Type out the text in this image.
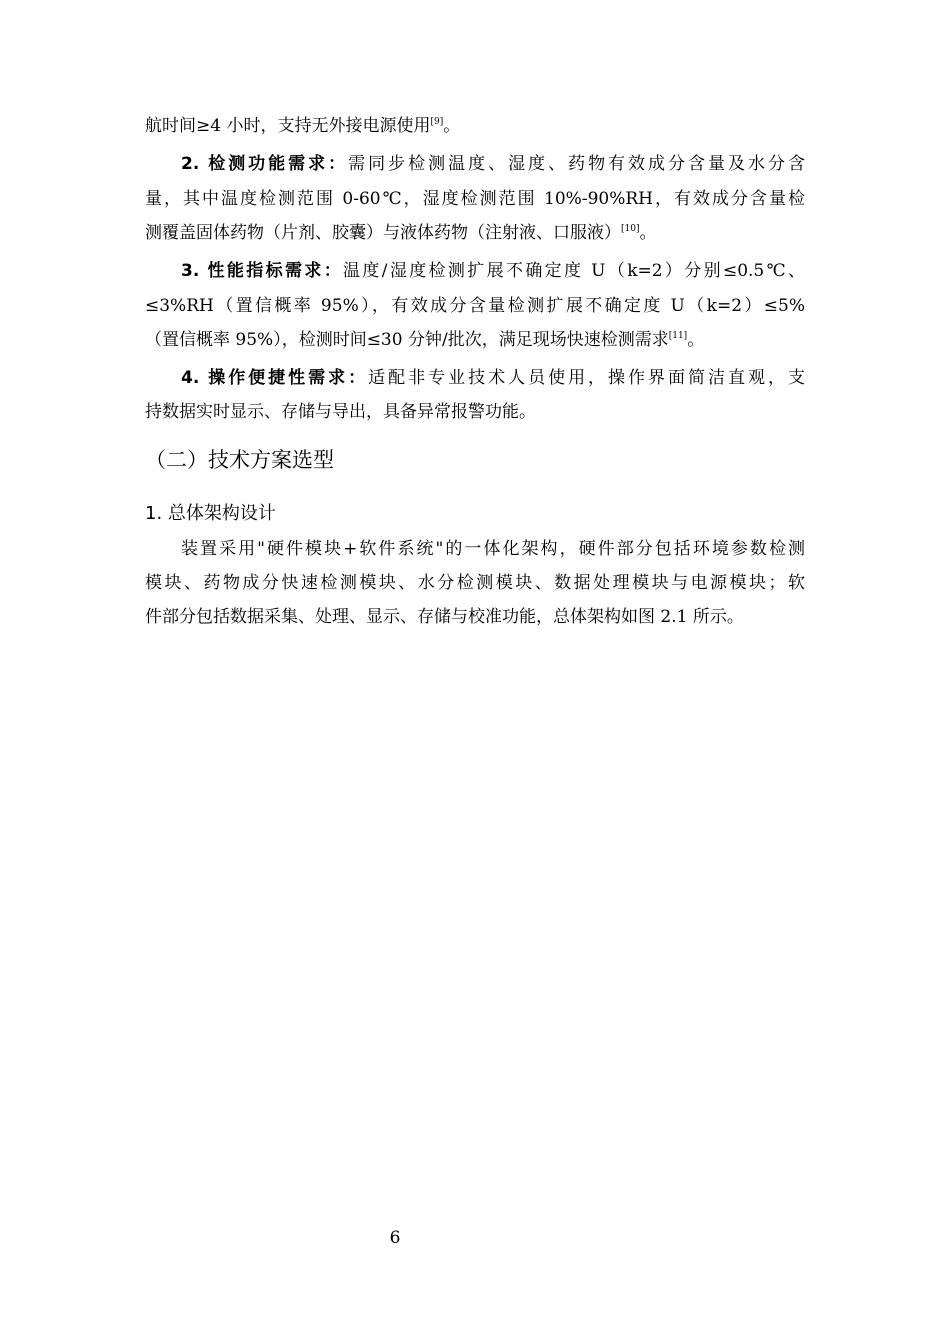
航时间≥4 小时，支持无外接电源使用[9]。
2. 检测功能需求：需同步检测温度、湿度、药物有效成分含量及水分含
量，其中温度检测范围 0-60℃，湿度检测范围 10%-90%RH，有效成分含量检
测覆盖固体药物（片剂、胶囊）与液体药物（注射液、口服液）[10]。
3. 性能指标需求：温度/湿度检测扩展不确定度 U（k=2）分别≤0.5℃、
≤3%RH（置信概率 95%），有效成分含量检测扩展不确定度 U（k=2）≤5%
（置信概率 95%），检测时间≤30 分钟/批次，满足现场快速检测需求[11]。
4. 操作便捷性需求：适配非专业技术人员使用，操作界面简洁直观，支
持数据实时显示、存储与导出，具备异常报警功能。
（二）技术方案选型
1. 总体架构设计
装置采用"硬件模块+软件系统"的一体化架构，硬件部分包括环境参数检测
模块、药物成分快速检测模块、水分检测模块、数据处理模块与电源模块；软
件部分包括数据采集、处理、显示、存储与校准功能，总体架构如图 2.1 所示。
6
